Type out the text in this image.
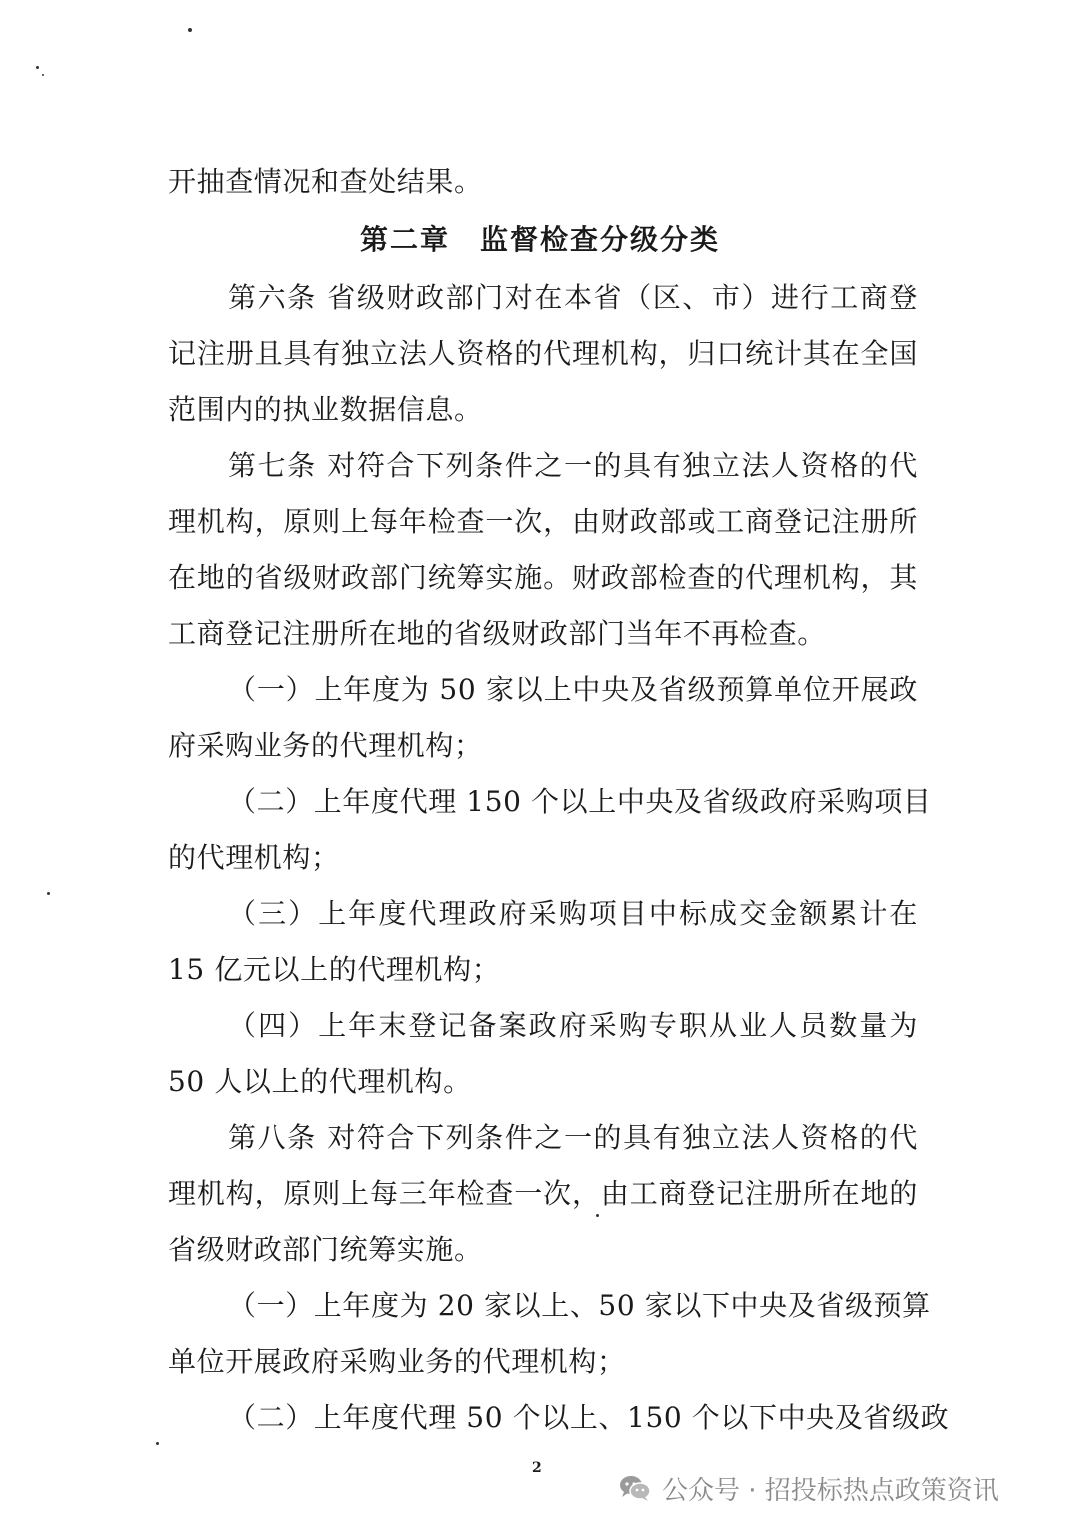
开抽查情况和查处结果。
第二章　监督检查分级分类
第六条 省级财政部门对在本省（区、市）进行工商登
记注册且具有独立法人资格的代理机构，归口统计其在全国
范围内的执业数据信息。
第七条 对符合下列条件之一的具有独立法人资格的代
理机构，原则上每年检查一次，由财政部或工商登记注册所
在地的省级财政部门统筹实施。财政部检查的代理机构，其
工商登记注册所在地的省级财政部门当年不再检查。
（一）上年度为 50 家以上中央及省级预算单位开展政
府采购业务的代理机构；
（二）上年度代理 150 个以上中央及省级政府采购项目
的代理机构；
（三）上年度代理政府采购项目中标成交金额累计在
15 亿元以上的代理机构；
（四）上年末登记备案政府采购专职从业人员数量为
50 人以上的代理机构。
第八条 对符合下列条件之一的具有独立法人资格的代
理机构，原则上每三年检查一次，由工商登记注册所在地的
省级财政部门统筹实施。
（一）上年度为 20 家以上、50 家以下中央及省级预算
单位开展政府采购业务的代理机构；
（二）上年度代理 50 个以上、150 个以下中央及省级政
2
公众号 · 招投标热点政策资讯
